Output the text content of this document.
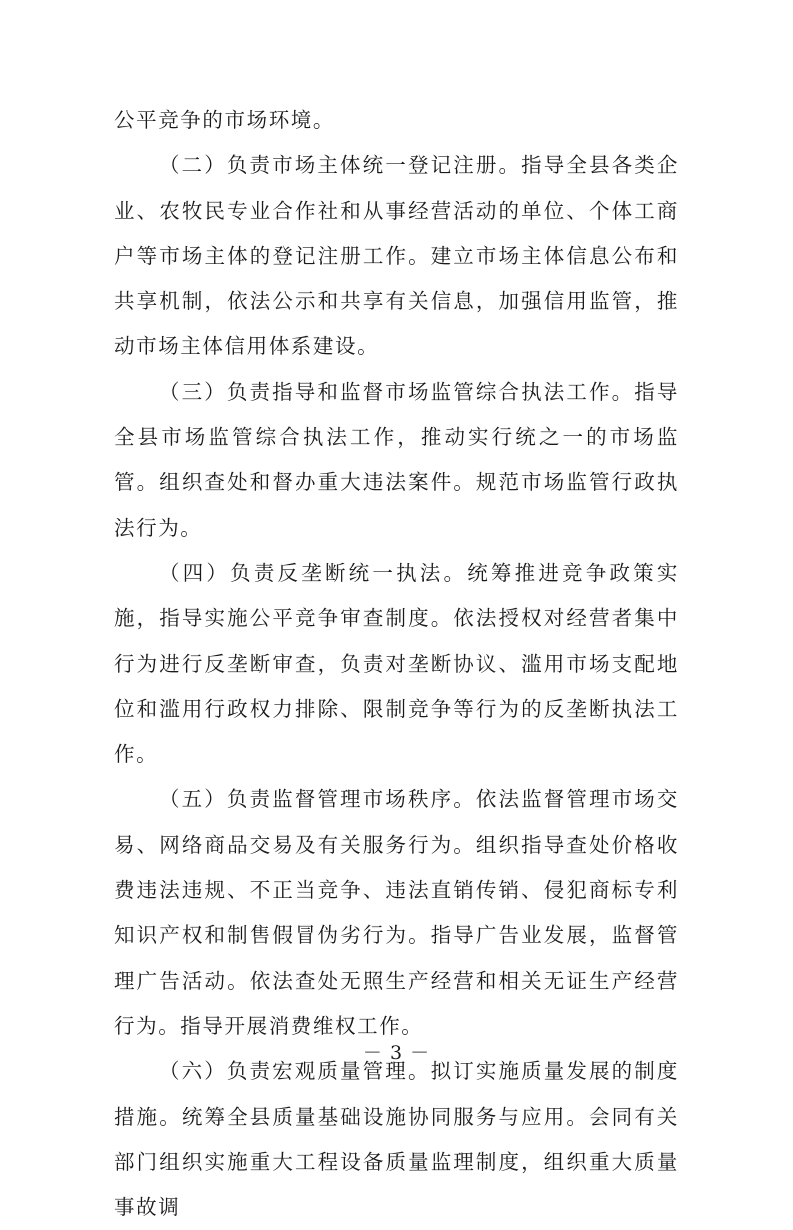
公平竞争的市场环境。

（二）负责市场主体统一登记注册。指导全县各类企业、农牧民专业合作社和从事经营活动的单位、个体工商户等市场主体的登记注册工作。建立市场主体信息公布和共享机制，依法公示和共享有关信息，加强信用监管，推动市场主体信用体系建设。

（三）负责指导和监督市场监管综合执法工作。指导全县市场监管综合执法工作，推动实行统之一的市场监管。组织查处和督办重大违法案件。规范市场监管行政执法行为。

（四）负责反垄断统一执法。统筹推进竞争政策实施，指导实施公平竞争审查制度。依法授权对经营者集中行为进行反垄断审查，负责对垄断协议、滥用市场支配地位和滥用行政权力排除、限制竞争等行为的反垄断执法工作。

（五）负责监督管理市场秩序。依法监督管理市场交易、网络商品交易及有关服务行为。组织指导查处价格收费违法违规、不正当竞争、违法直销传销、侵犯商标专利知识产权和制售假冒伪劣行为。指导广告业发展，监督管理广告活动。依法查处无照生产经营和相关无证生产经营行为。指导开展消费维权工作。

（六）负责宏观质量管理。拟订实施质量发展的制度措施。统筹全县质量基础设施协同服务与应用。会同有关部门组织实施重大工程设备质量监理制度，组织重大质量事故调

－ 3 －
